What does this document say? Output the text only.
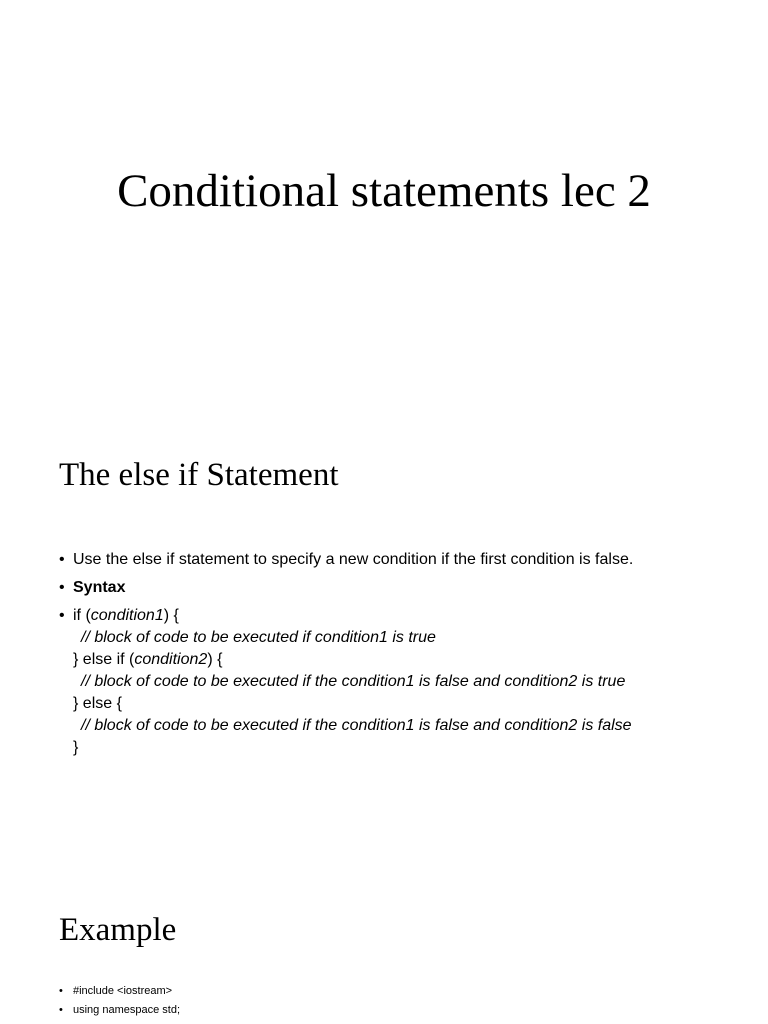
Conditional statements lec 2
The else if Statement
• Use the else if statement to specify a new condition if the first condition is false.
• Syntax
• if (condition1) {
// block of code to be executed if condition1 is true
} else if (condition2) {
// block of code to be executed if the condition1 is false and condition2 is true
} else {
// block of code to be executed if the condition1 is false and condition2 is false
}
Example
• #include <iostream>
• using namespace std;
